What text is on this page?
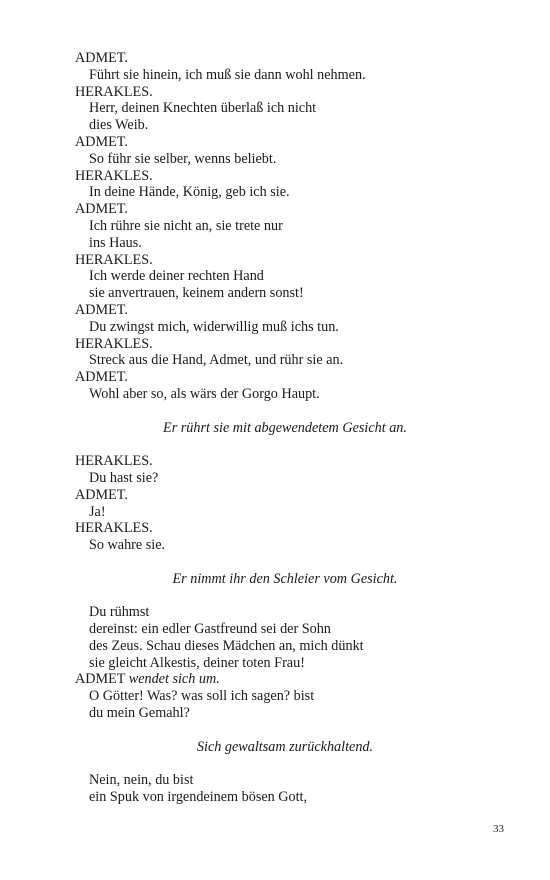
ADMET.

Führt sie hinein, ich muß sie dann wohl nehmen.

HERAKLES.

Herr, deinen Knechten überlaß ich nicht

dies Weib.

ADMET.

So führ sie selber, wenns beliebt.

HERAKLES.

In deine Hände, König, geb ich sie.

ADMET.

Ich rühre sie nicht an, sie trete nur

ins Haus.

HERAKLES.

Ich werde deiner rechten Hand

sie anvertrauen, keinem andern sonst!

ADMET.

Du zwingst mich, widerwillig muß ichs tun.

HERAKLES.

Streck aus die Hand, Admet, und rühr sie an.

ADMET.

Wohl aber so, als wärs der Gorgo Haupt.

Er rührt sie mit abgewendetem Gesicht an.

HERAKLES.

Du hast sie?

ADMET.

Ja!

HERAKLES.

So wahre sie.

Er nimmt ihr den Schleier vom Gesicht.

Du rühmst

dereinst: ein edler Gastfreund sei der Sohn

des Zeus. Schau dieses Mädchen an, mich dünkt

sie gleicht Alkestis, deiner toten Frau!

ADMET wendet sich um.

O Götter! Was? was soll ich sagen? bist

du mein Gemahl?

Sich gewaltsam zurückhaltend.

Nein, nein, du bist

ein Spuk von irgendeinem bösen Gott,

33
